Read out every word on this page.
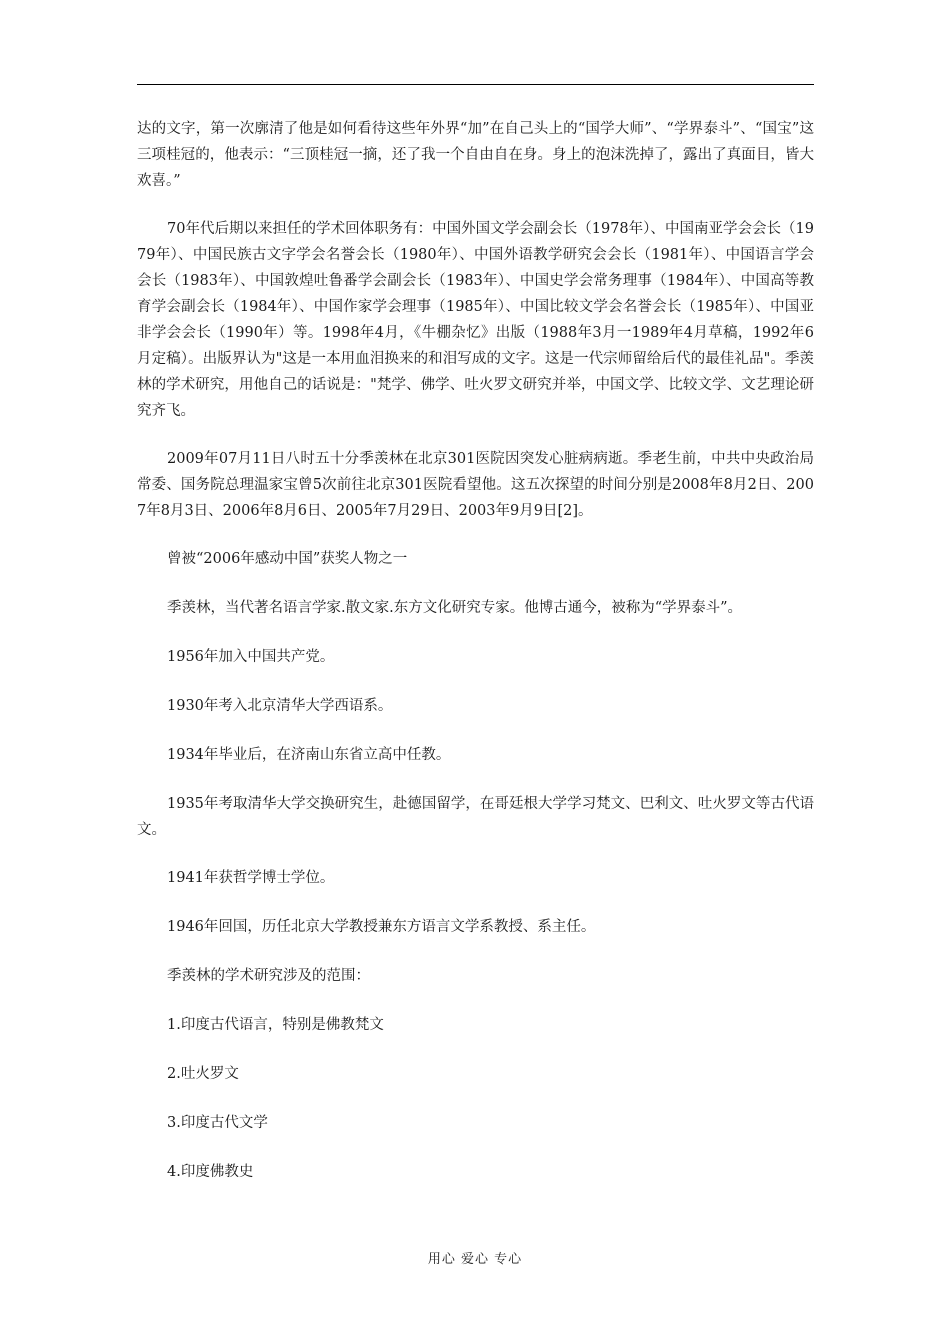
达的文字，第一次廓清了他是如何看待这些年外界“加”在自己头上的“国学大师”、“学界泰斗”、“国宝”这三项桂冠的，他表示：“三顶桂冠一摘，还了我一个自由自在身。身上的泡沫洗掉了，露出了真面目，皆大欢喜。”

70年代后期以来担任的学术回体职务有：中国外国文学会副会长（1978年）、中国南亚学会会长（1979年）、中国民族古文字学会名誉会长（1980年）、中国外语教学研究会会长（1981年）、中国语言学会会长（1983年）、中国敦煌吐鲁番学会副会长（1983年）、中国史学会常务理事（1984年）、中国高等教育学会副会长（1984年）、中国作家学会理事（1985年）、中国比较文学会名誉会长（1985年）、中国亚非学会会长（1990年）等。1998年4月，《牛棚杂忆》出版（1988年3月一1989年4月草稿，1992年6月定稿）。出版界认为"这是一本用血泪换来的和泪写成的文字。这是一代宗师留给后代的最佳礼品"。季羡林的学术研究，用他自己的话说是："梵学、佛学、吐火罗文研究并举，中国文学、比较文学、文艺理论研究齐飞。

2009年07月11日八时五十分季羡林在北京301医院因突发心脏病病逝。季老生前，中共中央政治局常委、国务院总理温家宝曾5次前往北京301医院看望他。这五次探望的时间分别是2008年8月2日、2007年8月3日、2006年8月6日、2005年7月29日、2003年9月9日[2]。

曾被“2006年感动中国”获奖人物之一

季羡林，当代著名语言学家.散文家.东方文化研究专家。他博古通今，被称为“学界泰斗”。

1956年加入中国共产党。

1930年考入北京清华大学西语系。

1934年毕业后，在济南山东省立高中任教。

1935年考取清华大学交换研究生，赴德国留学，在哥廷根大学学习梵文、巴利文、吐火罗文等古代语文。

1941年获哲学博士学位。

1946年回国，历任北京大学教授兼东方语言文学系教授、系主任。

季羡林的学术研究涉及的范围：

1.印度古代语言，特别是佛教梵文

2.吐火罗文

3.印度古代文学

4.印度佛教史

用心 爱心 专心
